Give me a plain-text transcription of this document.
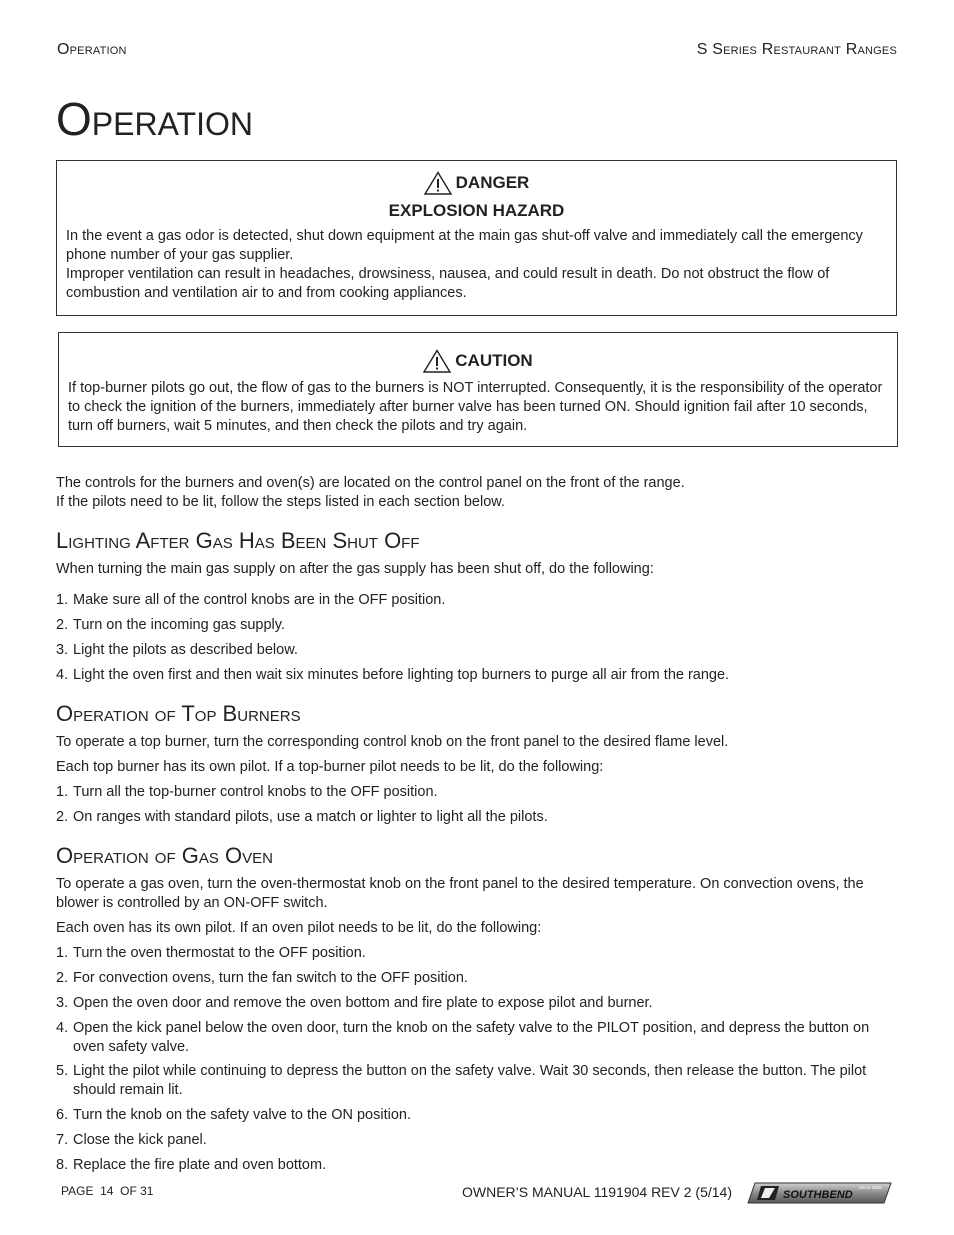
Operation	S Series Restaurant Ranges
Operation
DANGER
EXPLOSION HAZARD
In the event a gas odor is detected, shut down equipment at the main gas shut-off valve and immediately call the emergency phone number of your gas supplier.
Improper ventilation can result in headaches, drowsiness, nausea, and could result in death. Do not obstruct the flow of combustion and ventilation air to and from cooking appliances.
CAUTION
If top-burner pilots go out, the flow of gas to the burners is NOT interrupted. Consequently, it is the responsibility of the operator to check the ignition of the burners, immediately after burner valve has been turned ON. Should ignition fail after 10 seconds, turn off burners, wait 5 minutes, and then check the pilots and try again.
The controls for the burners and oven(s) are located on the control panel on the front of the range.
If the pilots need to be lit, follow the steps listed in each section below.
Lighting After Gas Has Been Shut Off
When turning the main gas supply on after the gas supply has been shut off, do the following:
1. Make sure all of the control knobs are in the OFF position.
2. Turn on the incoming gas supply.
3. Light the pilots as described below.
4. Light the oven first and then wait six minutes before lighting top burners to purge all air from the range.
Operation of Top Burners
To operate a top burner, turn the corresponding control knob on the front panel to the desired flame level.
Each top burner has its own pilot. If a top-burner pilot needs to be lit, do the following:
1. Turn all the top-burner control knobs to the OFF position.
2. On ranges with standard pilots, use a match or lighter to light all the pilots.
Operation of Gas Oven
To operate a gas oven, turn the oven-thermostat knob on the front panel to the desired temperature. On convection ovens, the blower is controlled by an ON-OFF switch.
Each oven has its own pilot. If an oven pilot needs to be lit, do the following:
1. Turn the oven thermostat to the OFF position.
2. For convection ovens, turn the fan switch to the OFF position.
3. Open the oven door and remove the oven bottom and fire plate to expose pilot and burner.
4. Open the kick panel below the oven door, turn the knob on the safety valve to the PILOT position, and depress the button on oven safety valve.
5. Light the pilot while continuing to depress the button on the safety valve. Wait 30 seconds, then release the button. The pilot should remain lit.
6. Turn the knob on the safety valve to the ON position.
7. Close the kick panel.
8. Replace the fire plate and oven bottom.
PAGE  14  OF 31	OWNER’S MANUAL 1191904 REV 2 (5/14)	SOUTHBEND
Since 1898
